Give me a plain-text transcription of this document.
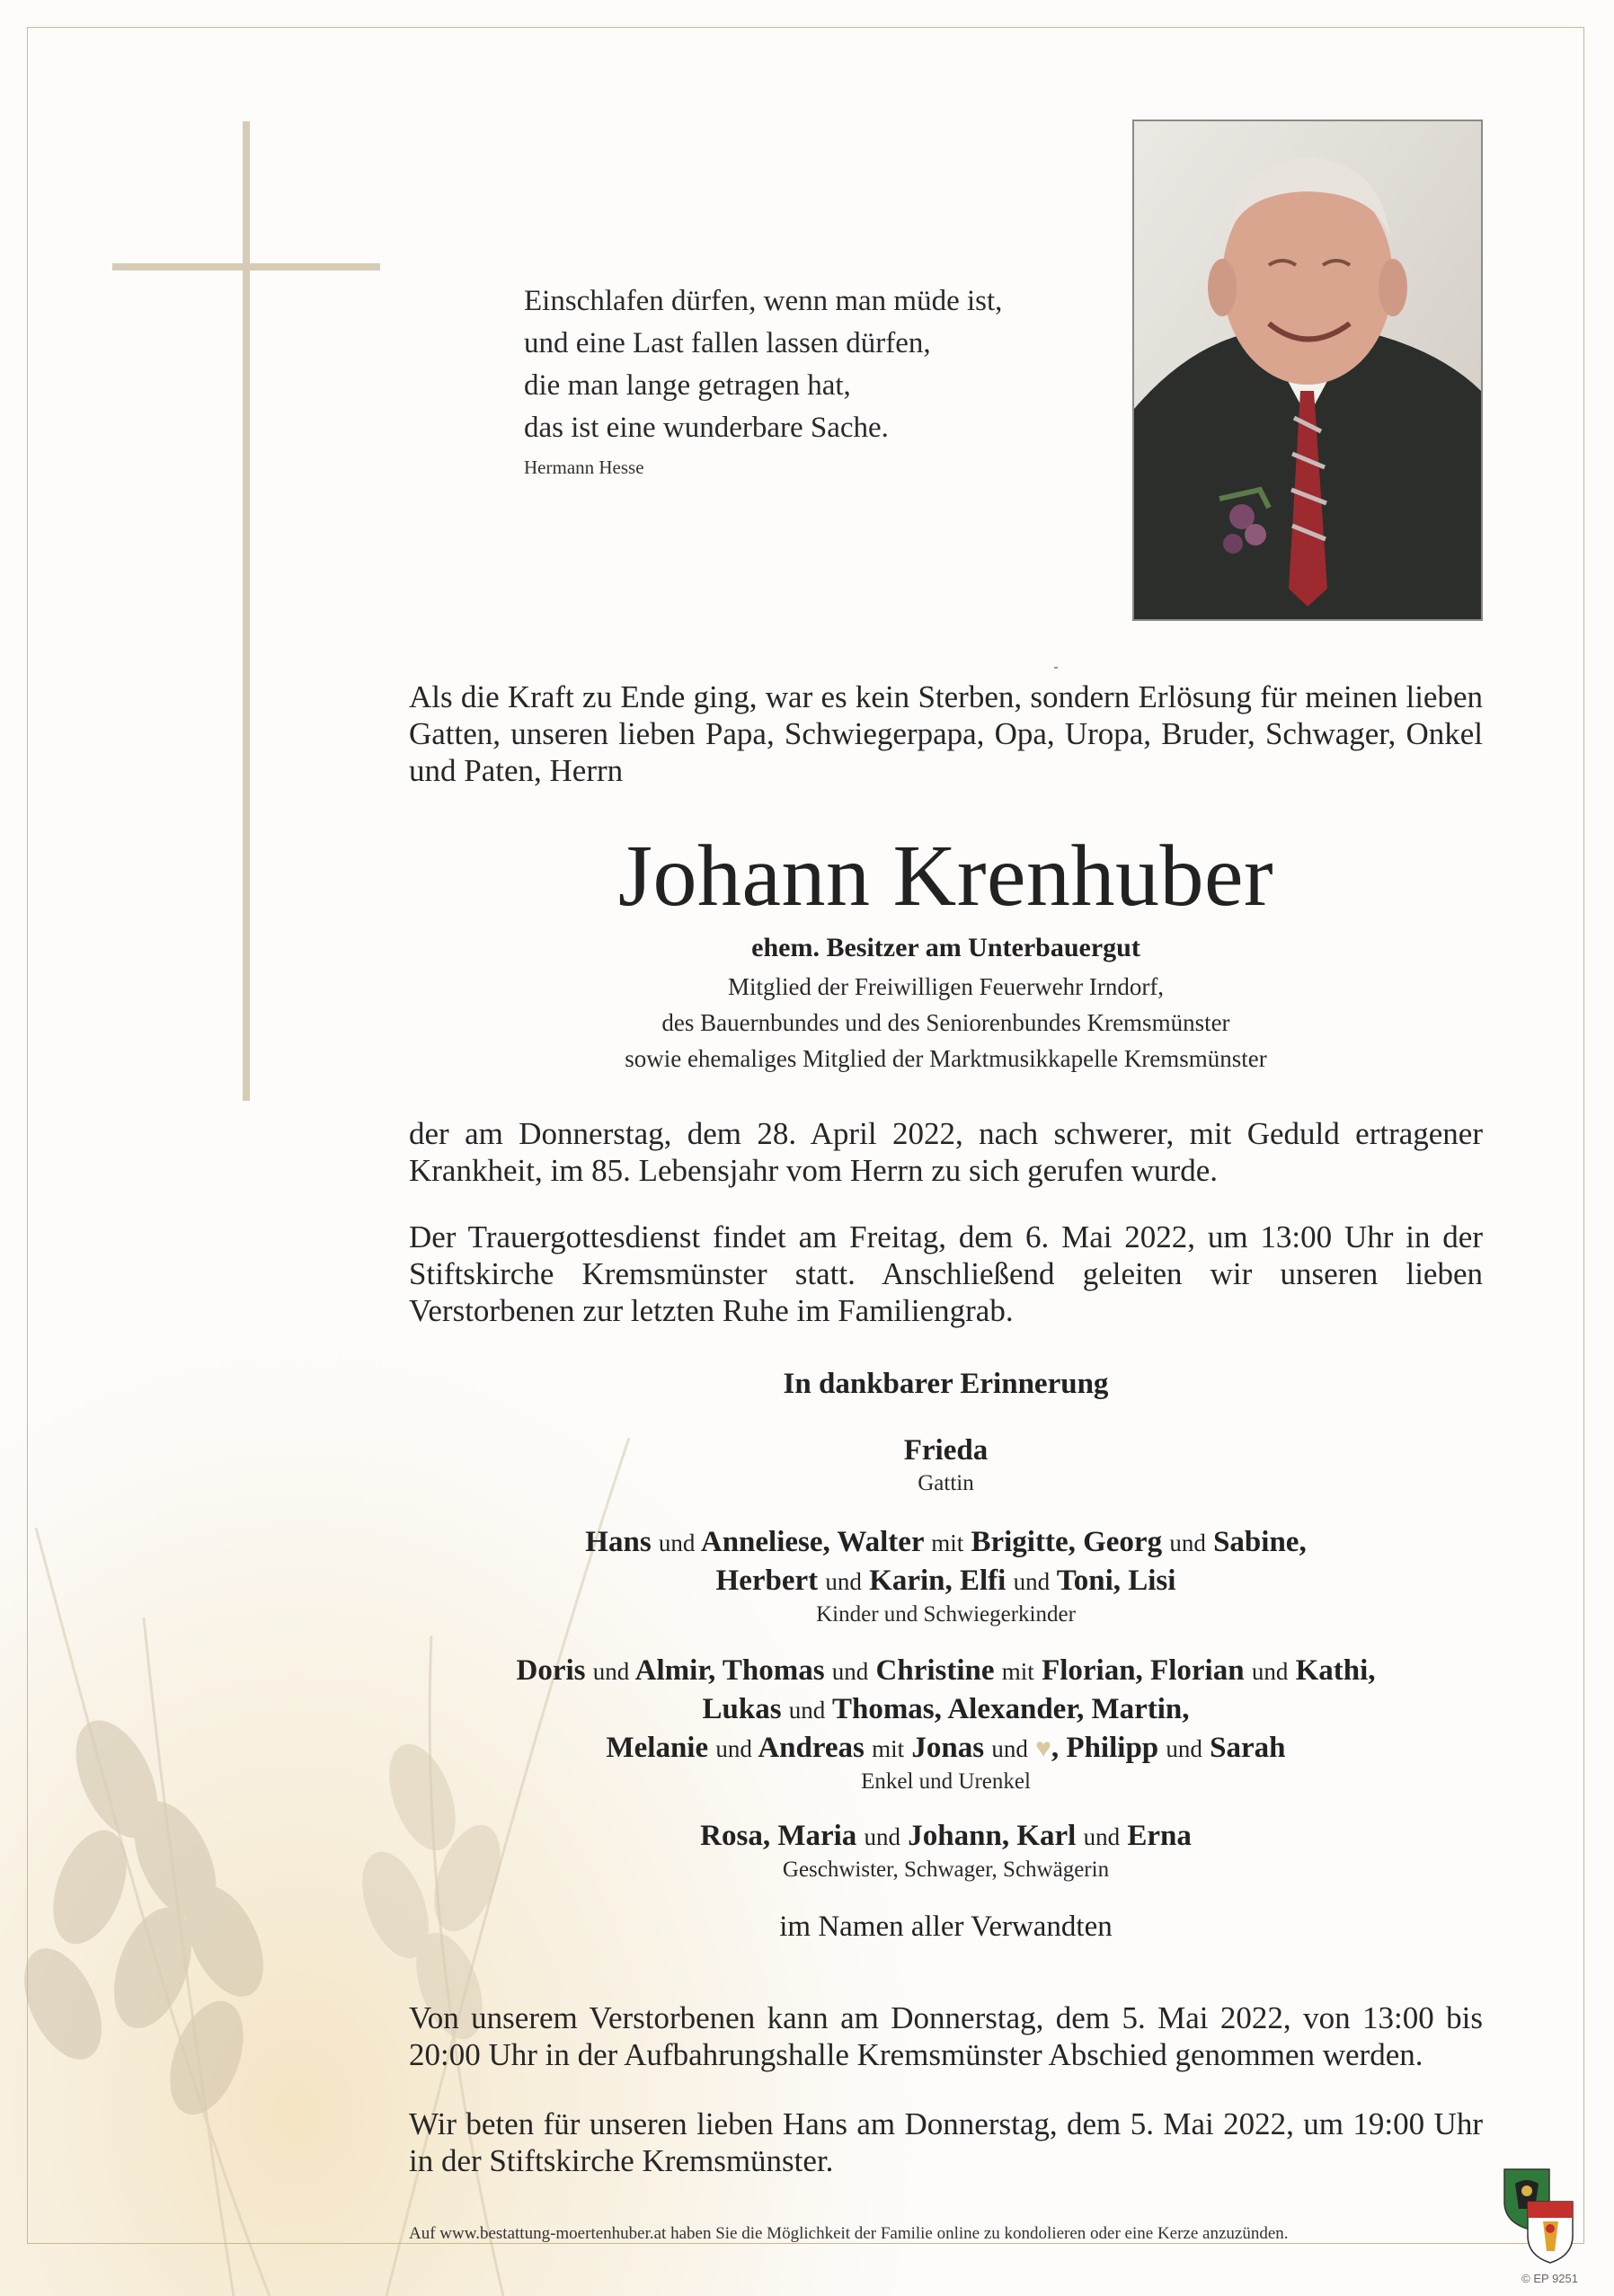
Einschlafen dürfen, wenn man müde ist,
und eine Last fallen lassen dürfen,
die man lange getragen hat,
das ist eine wunderbare Sache.
Hermann Hesse
Als die Kraft zu Ende ging, war es kein Sterben, sondern Erlösung für meinen lieben Gatten, unseren lieben Papa, Schwiegerpapa, Opa, Uropa, Bruder, Schwager, Onkel und Paten, Herrn
Johann Krenhuber
ehem. Besitzer am Unterbauergut
Mitglied der Freiwilligen Feuerwehr Irndorf,
des Bauernbundes und des Seniorenbundes Kremsmünster
sowie ehemaliges Mitglied der Marktmusikkapelle Kremsmünster
der am Donnerstag, dem 28. April 2022, nach schwerer, mit Geduld ertragener Krankheit, im 85. Lebensjahr vom Herrn zu sich gerufen wurde.
Der Trauergottesdienst findet am Freitag, dem 6. Mai 2022, um 13:00 Uhr in der Stiftskirche Kremsmünster statt. Anschließend geleiten wir unseren lieben Verstorbenen zur letzten Ruhe im Familiengrab.
In dankbarer Erinnerung
Frieda
Gattin
Hans und Anneliese, Walter mit Brigitte, Georg und Sabine,
Herbert und Karin, Elfi und Toni, Lisi
Kinder und Schwiegerkinder
Doris und Almir, Thomas und Christine mit Florian, Florian und Kathi,
Lukas und Thomas, Alexander, Martin,
Melanie und Andreas mit Jonas und ♥, Philipp und Sarah
Enkel und Urenkel
Rosa, Maria und Johann, Karl und Erna
Geschwister, Schwager, Schwägerin
im Namen aller Verwandten
Von unserem Verstorbenen kann am Donnerstag, dem 5. Mai 2022, von 13:00 bis 20:00 Uhr in der Aufbahrungshalle Kremsmünster Abschied genommen werden.
Wir beten für unseren lieben Hans am Donnerstag, dem 5. Mai 2022, um 19:00 Uhr in der Stiftskirche Kremsmünster.
Auf www.bestattung-moertenhuber.at haben Sie die Möglichkeit der Familie online zu kondolieren oder eine Kerze anzuzünden.
© EP 9251
